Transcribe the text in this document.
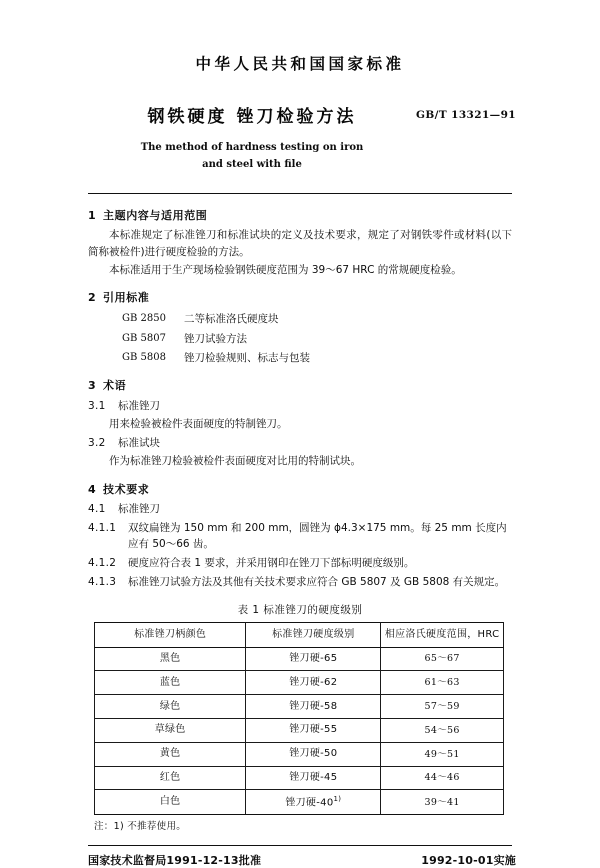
中华人民共和国国家标准
钢铁硬度 锉刀检验方法	GB/T 13321—91
The method of hardness testing on iron
and steel with file
1 主题内容与适用范围
本标准规定了标准锉刀和标准试块的定义及技术要求，规定了对钢铁零件或材料(以下简称被检件)进行硬度检验的方法。
本标准适用于生产现场检验钢铁硬度范围为 39～67 HRC 的常规硬度检验。
2 引用标准
GB 2850	二等标准洛氏硬度块
GB 5807	锉刀试验方法
GB 5808	锉刀检验规则、标志与包装
3 术语
3.1	标准锉刀
用来检验被检件表面硬度的特制锉刀。
3.2	标准试块
作为标准锉刀检验被检件表面硬度对比用的特制试块。
4 技术要求
4.1	标准锉刀
4.1.1	双纹扁锉为 150 mm 和 200 mm，圆锉为 ϕ4.3×175 mm。每 25 mm 长度内应有 50～66 齿。
4.1.2	硬度应符合表 1 要求，并采用钢印在锉刀下部标明硬度级别。
4.1.3	标准锉刀试验方法及其他有关技术要求应符合 GB 5807 及 GB 5808 有关规定。
表 1 标准锉刀的硬度级别
标准锉刀柄颜色	标准锉刀硬度级别	相应洛氏硬度范围，HRC
黑色	锉刀硬-65	65～67
蓝色	锉刀硬-62	61～63
绿色	锉刀硬-58	57～59
草绿色	锉刀硬-55	54～56
黄色	锉刀硬-50	49～51
红色	锉刀硬-45	44～46
白色	锉刀硬-40$^{1)}$	39～41
注：1) 不推荐使用。
国家技术监督局1991-12-13批准	1992-10-01实施
